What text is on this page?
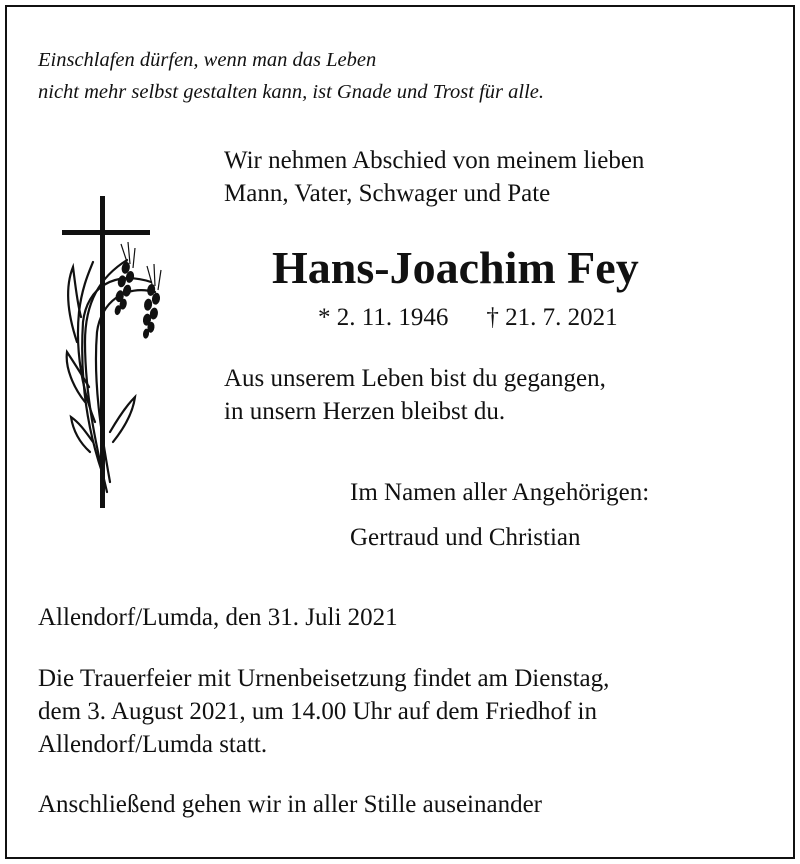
Einschlafen dürfen, wenn man das Leben
nicht mehr selbst gestalten kann, ist Gnade und Trost für alle.
Wir nehmen Abschied von meinem lieben
Mann, Vater, Schwager und Pate
Hans-Joachim Fey
* 2. 11. 1946 † 21. 7. 2021
Aus unserem Leben bist du gegangen,
in unsern Herzen bleibst du.
Im Namen aller Angehörigen:
Gertraud und Christian
Allendorf/Lumda, den 31. Juli 2021
Die Trauerfeier mit Urnenbeisetzung findet am Dienstag,
dem 3. August 2021, um 14.00 Uhr auf dem Friedhof in
Allendorf/Lumda statt.
Anschließend gehen wir in aller Stille auseinander
